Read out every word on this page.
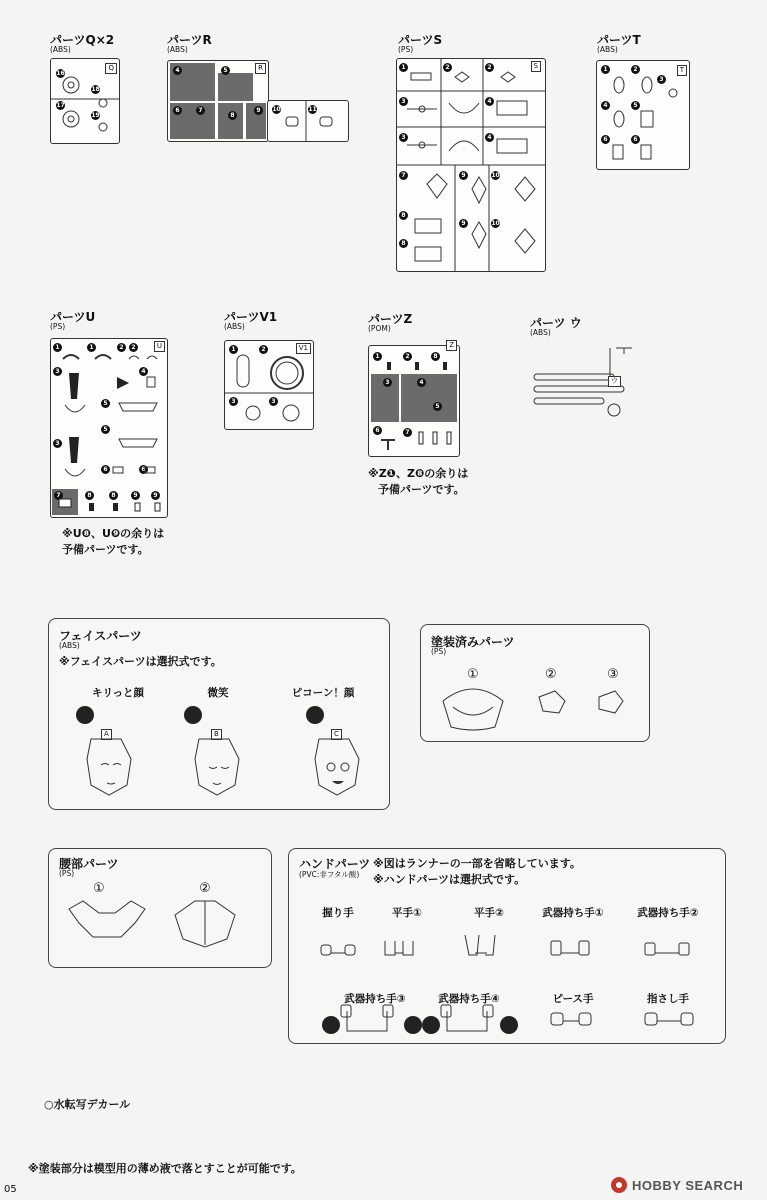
パーツQ×2
(ABS)
Q
16
18
17
19
パーツR
(ABS)
R
4	5
6	7
8
9	10	11
パーツS
(PS)
S
1	2	2
3	4
3	4
7	9	10
8
9	10
8
パーツT
(ABS)
T
1	2
3
4	5
6	6
パーツU
(PS)
U
1	1	2	2
3	4
5
3
5
6	6
7	8	8	9	9
※U❽、U❾の余りは
予備パーツです。
パーツV1
(ABS)
V1
1	2
3	3
パーツZ
(POM)
Z
1	2
3	4
5
6	7
8
※Z❶、Z❽の余りは
予備パーツです。
パーツ ウ
(ABS)
ウ
フェイスパーツ
(ABS)
※フェイスパーツは選択式です。
キリっと顔	微笑	ピコーン！顔
A	B	C
塗装済みパーツ
(PS)
①	②	③
腰部パーツ
(PS)
①	②
ハンドパーツ
(PVC:非フタル酸)
※図はランナーの一部を省略しています。
※ハンドパーツは選択式です。
握り手	平手①	平手②	武器持ち手①	武器持ち手②
武器持ち手③	武器持ち手④	ピース手	指さし手
○水転写デカール
※塗装部分は模型用の薄め液で落とすことが可能です。
05	HOBBY SEARCH
